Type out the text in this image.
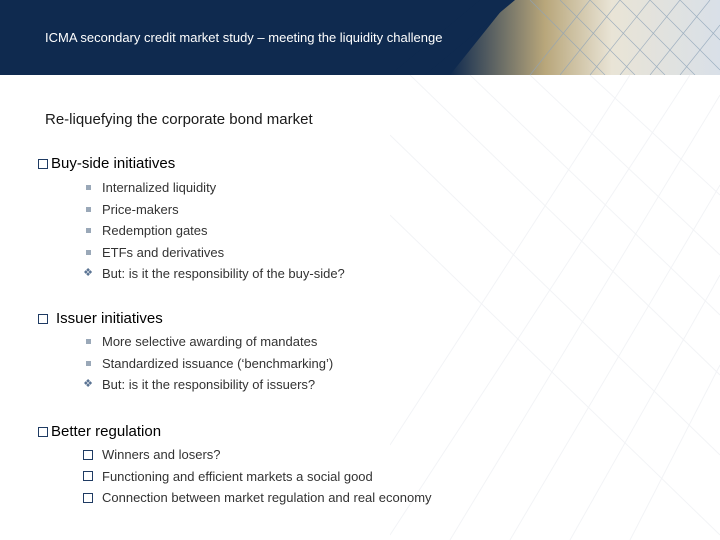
ICMA secondary credit market study – meeting the liquidity challenge
Re-liquefying the corporate bond market
Buy-side initiatives
Internalized liquidity
Price-makers
Redemption gates
ETFs and derivatives
❖ But: is it the responsibility of the buy-side?
Issuer initiatives
More selective awarding of mandates
Standardized issuance (‘benchmarking’)
❖ But: is it the responsibility of issuers?
Better regulation
Winners and losers?
Functioning and efficient markets a social good
Connection between market regulation and real economy
